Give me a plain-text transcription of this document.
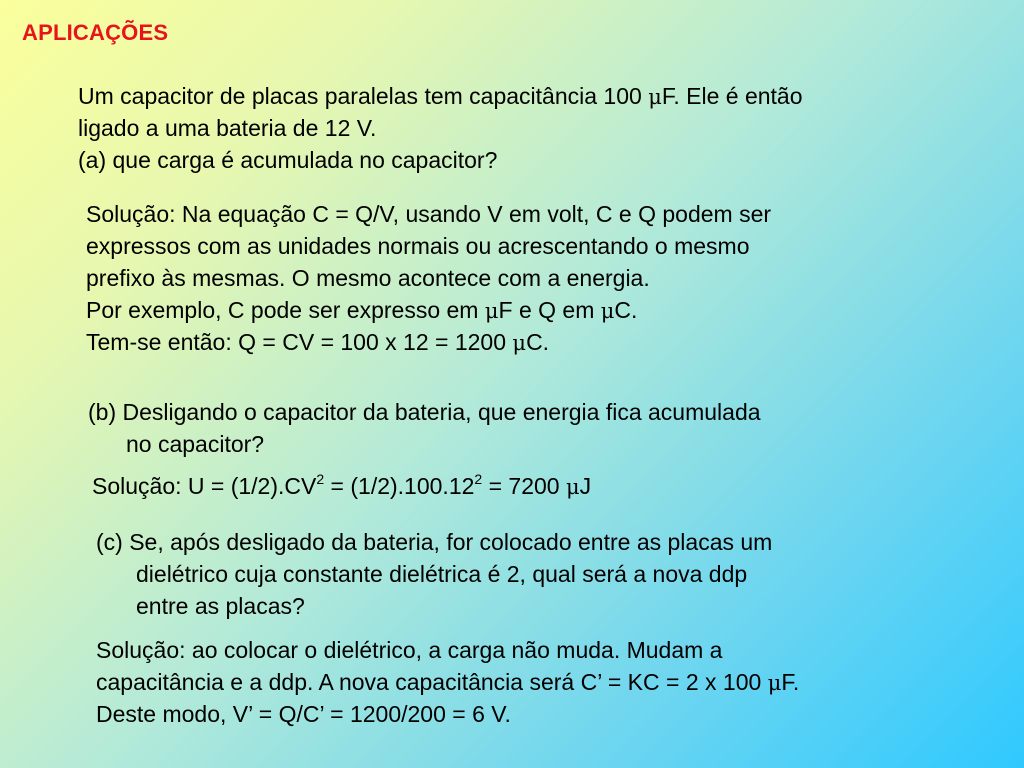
APLICAÇÕES
Um capacitor de placas paralelas tem capacitância 100 μF. Ele é então
ligado a uma bateria de 12 V.
(a) que carga é acumulada no capacitor?
Solução: Na equação C = Q/V, usando V em volt, C e Q podem ser
expressos com as unidades normais ou acrescentando o mesmo
prefixo às mesmas. O mesmo acontece com a energia.
Por exemplo, C pode ser expresso em μF e Q em μC.
Tem-se então: Q = CV = 100 x 12 = 1200 μC.
(b) Desligando o capacitor da bateria, que energia fica acumulada
no capacitor?
Solução: $U = (1/2).CV^2 = (1/2).100.12^2 = 7200$ μJ
(c) Se, após desligado da bateria, for colocado entre as placas um
dielétrico cuja constante dielétrica é 2, qual será a nova ddp
entre as placas?
Solução: ao colocar o dielétrico, a carga não muda. Mudam a
capacitância e a ddp. A nova capacitância será C’ = KC = 2 x 100 μF.
Deste modo, V’ = Q/C’ = 1200/200 = 6 V.
